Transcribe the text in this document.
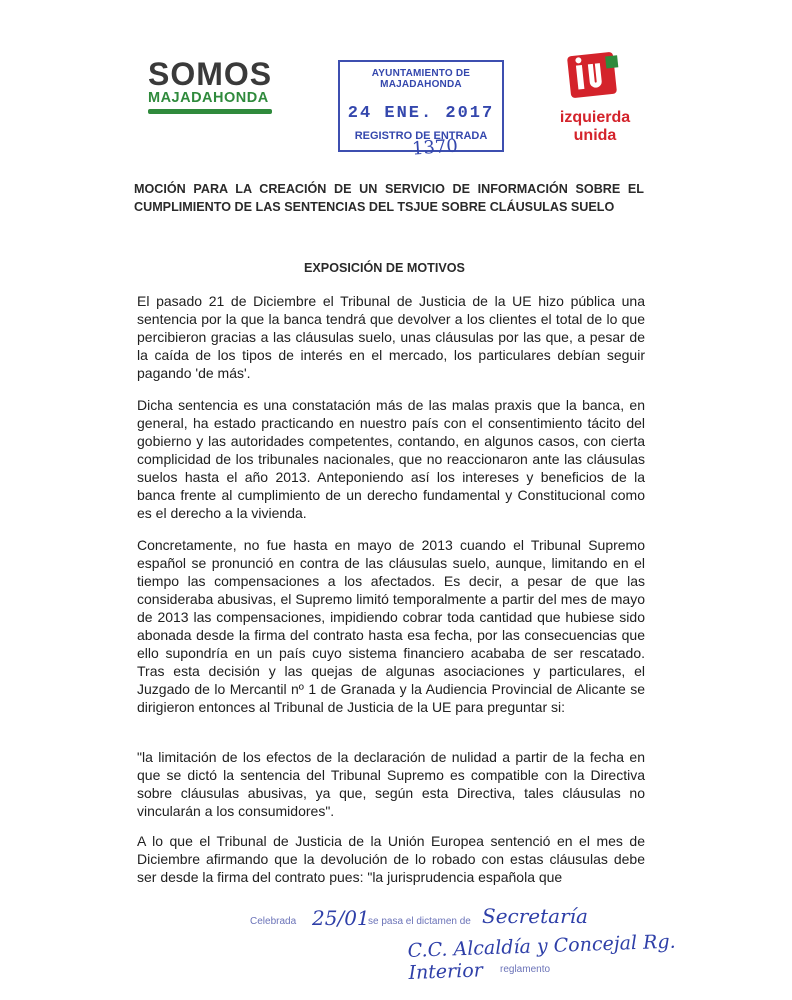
SOMOS
MAJADAHONDA
AYUNTAMIENTO DE MAJADAHONDA
24 ENE. 2017
REGISTRO DE ENTRADA
1370
izquierda unida
MOCIÓN PARA LA CREACIÓN DE UN SERVICIO DE INFORMACIÓN SOBRE EL CUMPLIMIENTO DE LAS SENTENCIAS DEL TSJUE SOBRE CLÁUSULAS SUELO
EXPOSICIÓN DE MOTIVOS
El pasado 21 de Diciembre el Tribunal de Justicia de la UE hizo pública una sentencia por la que la banca tendrá que devolver a los clientes el total de lo que percibieron gracias a las cláusulas suelo, unas cláusulas por las que, a pesar de la caída de los tipos de interés en el mercado, los particulares debían seguir pagando 'de más'.
Dicha sentencia es una constatación más de las malas praxis que la banca, en general, ha estado practicando en nuestro país con el consentimiento tácito del gobierno y las autoridades competentes, contando, en algunos casos, con cierta complicidad de los tribunales nacionales, que no reaccionaron ante las cláusulas suelos hasta el año 2013. Anteponiendo así los intereses y beneficios de la banca frente al cumplimiento de un derecho fundamental y Constitucional como es el derecho a la vivienda.
Concretamente, no fue hasta en mayo de 2013 cuando el Tribunal Supremo español se pronunció en contra de las cláusulas suelo, aunque, limitando en el tiempo las compensaciones a los afectados. Es decir, a pesar de que las consideraba abusivas, el Supremo limitó temporalmente a partir del mes de mayo de 2013 las compensaciones, impidiendo cobrar toda cantidad que hubiese sido abonada desde la firma del contrato hasta esa fecha, por las consecuencias que ello supondría en un país cuyo sistema financiero acababa de ser rescatado. Tras esta decisión y las quejas de algunas asociaciones y particulares, el Juzgado de lo Mercantil nº 1 de Granada y la Audiencia Provincial de Alicante se dirigieron entonces al Tribunal de Justicia de la UE para preguntar si:
"la limitación de los efectos de la declaración de nulidad a partir de la fecha en que se dictó la sentencia del Tribunal Supremo es compatible con la Directiva sobre cláusulas abusivas, ya que, según esta Directiva, tales cláusulas no vincularán a los consumidores".
A lo que el Tribunal de Justicia de la Unión Europea sentenció en el mes de Diciembre afirmando que la devolución de lo robado con estas cláusulas debe ser desde la firma del contrato pues: "la jurisprudencia española que
Celebrada 25/01
se pasa el dictamen de Secretaría
C.C. Alcaldía y Concejal Rg. Interior	reglamento
